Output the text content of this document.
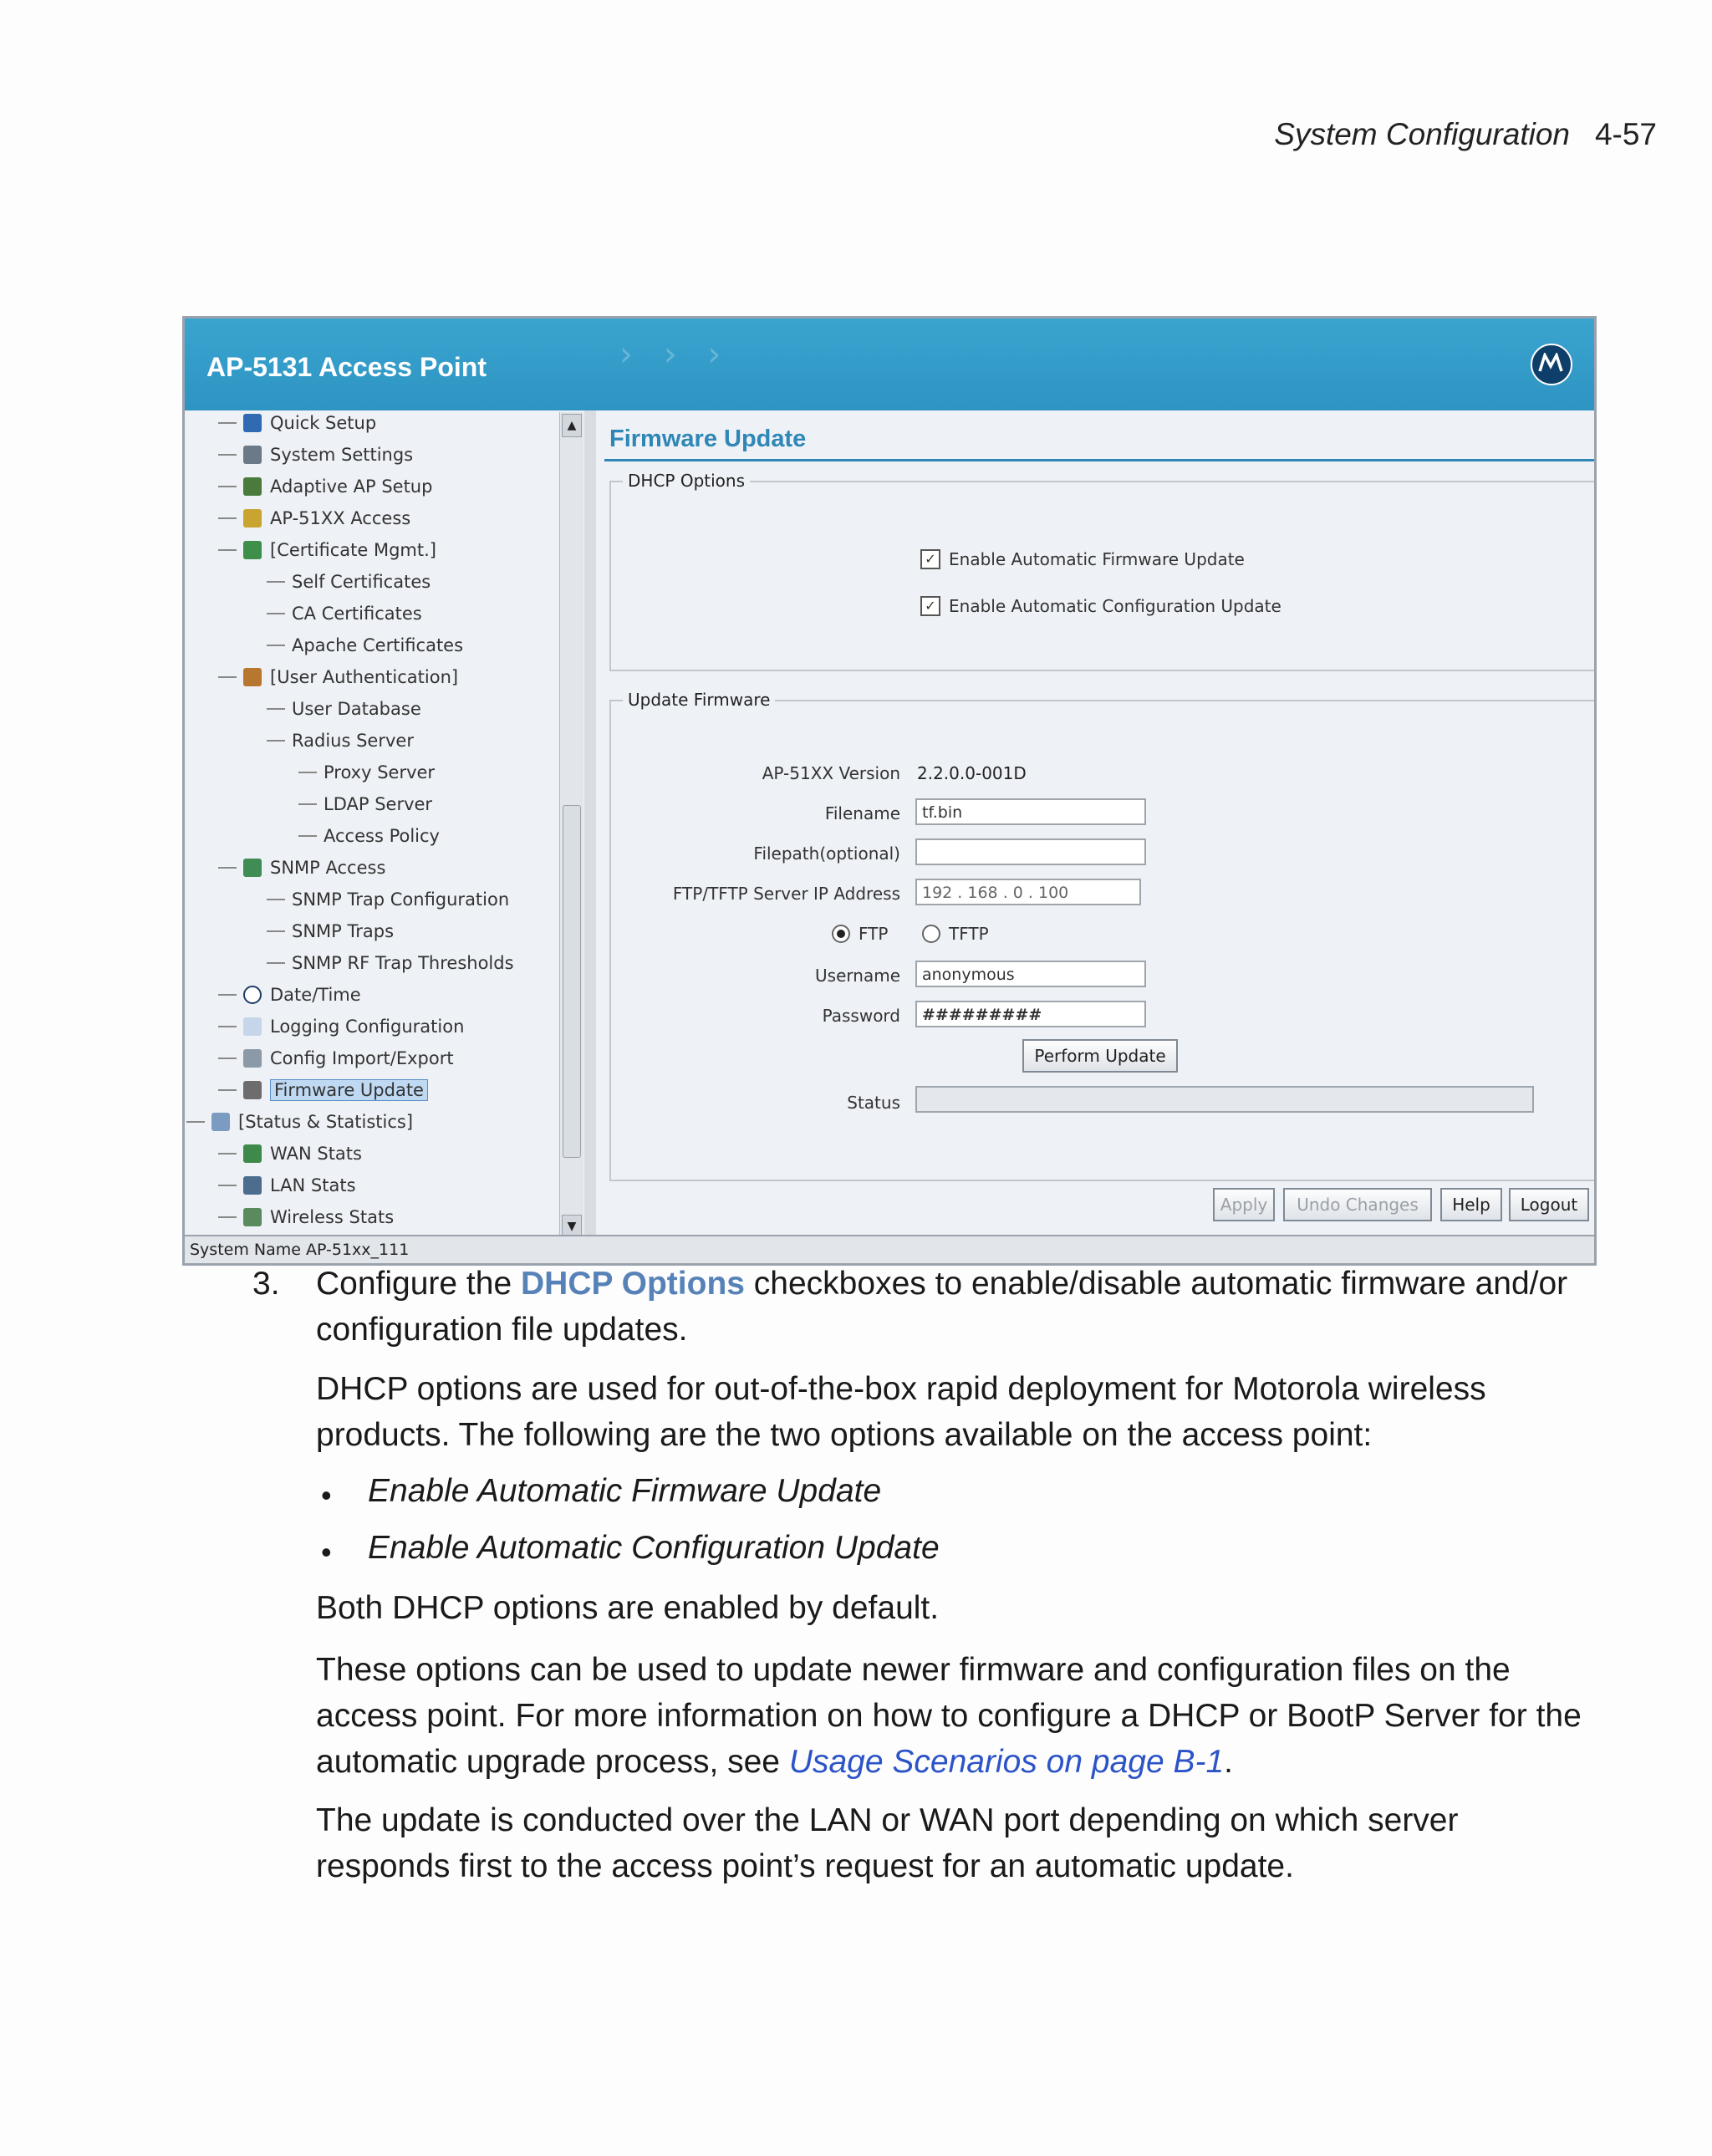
System Configuration 4-57
› › ›
AP-5131 Access Point
Quick Setup
System Settings
Adaptive AP Setup
AP-51XX Access
[Certificate Mgmt.]
Self Certificates
CA Certificates
Apache Certificates
[User Authentication]
User Database
Radius Server
Proxy Server
LDAP Server
Access Policy
SNMP Access
SNMP Trap Configuration
SNMP Traps
SNMP RF Trap Thresholds
Date/Time
Logging Configuration
Config Import/Export
Firmware Update
[Status & Statistics]
WAN Stats
LAN Stats
Wireless Stats
▲
▼
Firmware Update
DHCP Options
✓ Enable Automatic Firmware Update
✓ Enable Automatic Configuration Update
Update Firmware
AP-51XX Version 2.2.0.0-001D
Filename	tf.bin
Filepath(optional)
FTP/TFTP Server IP Address	192 . 168 . 0 . 100
FTP	TFTP
Username	anonymous
Password	#########
Perform Update
Status
Apply	Undo Changes	Help	Logout
System Name AP-51xx_111
3. Configure the DHCP Options checkboxes to enable/disable automatic firmware and/or configuration file updates.
DHCP options are used for out-of-the-box rapid deployment for Motorola wireless products. The following are the two options available on the access point:
• Enable Automatic Firmware Update
• Enable Automatic Configuration Update
Both DHCP options are enabled by default.
These options can be used to update newer firmware and configuration files on the access point. For more information on how to configure a DHCP or BootP Server for the automatic upgrade process, see Usage Scenarios on page B-1.
The update is conducted over the LAN or WAN port depending on which server responds first to the access point’s request for an automatic update.
